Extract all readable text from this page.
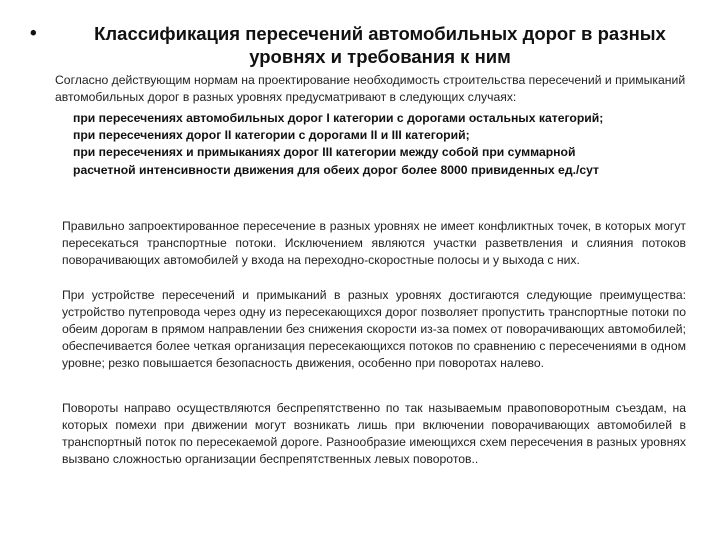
•	Классификация пересечений автомобильных дорог в разных уровнях и требования к ним

Согласно действующим нормам на проектирование необходимость строительства пересечений и примыканий автомобильных дорог в разных уровнях предусматривают в следующих случаях:

при пересечениях автомобильных дорог I категории с дорогами остальных категорий;
при пересечениях дорог II категории с дорогами II и III категорий;
при пересечениях и примыканиях дорог III категории между собой при суммарной расчетной интенсивности движения для обеих дорог более 8000 привиденных ед./сут

Правильно запроектированное пересечение в разных уровнях не имеет конфликтных точек, в которых могут пересекаться транспортные потоки. Исключением являются участки разветвления и слияния потоков поворачивающих автомобилей у входа на переходно-скоростные полосы и у выхода с них.

При устройстве пересечений и примыканий в разных уровнях достигаются следующие преимущества: устройство путепровода через одну из пересекающихся дорог позволяет пропустить транспортные потоки по обеим дорогам в прямом направлении без снижения скорости из-за помех от поворачивающих автомобилей; обеспечивается более четкая организация пересекающихся потоков по сравнению с пересечениями в одном уровне; резко повышается безопасность движения, особенно при поворотах налево.

Повороты направо осуществляются беспрепятственно по так называемым правоповоротным съездам, на которых помехи при движении могут возникать лишь при включении поворачивающих автомобилей в транспортный поток по пересекаемой дороге. Разнообразие имеющихся схем пересечения в разных уровнях вызвано сложностью организации беспрепятственных левых поворотов..
